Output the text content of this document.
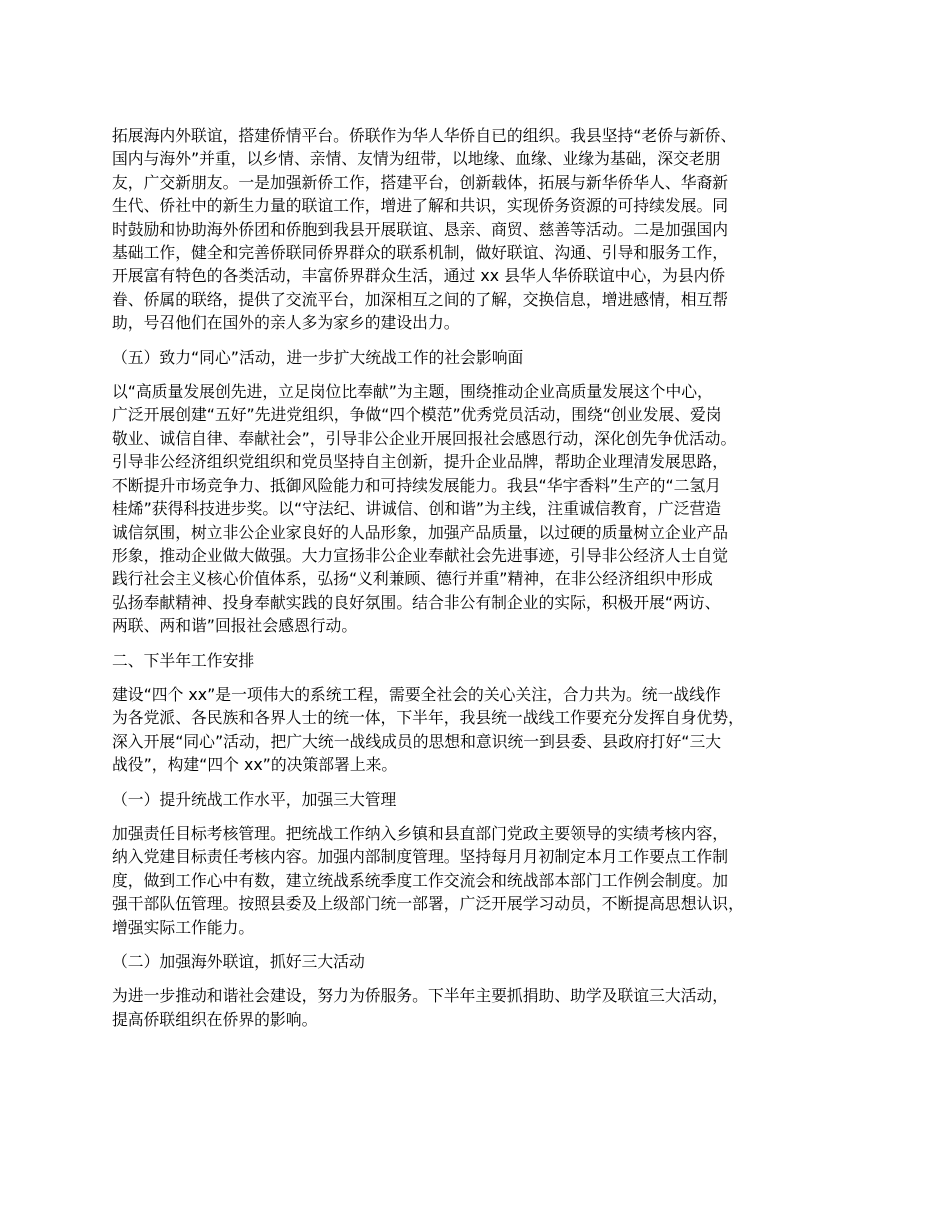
拓展海内外联谊，搭建侨情平台。侨联作为华人华侨自已的组织。我县坚持“老侨与新侨、
国内与海外”并重，以乡情、亲情、友情为纽带，以地缘、血缘、业缘为基础，深交老朋
友，广交新朋友。一是加强新侨工作，搭建平台，创新载体，拓展与新华侨华人、华裔新
生代、侨社中的新生力量的联谊工作，增进了解和共识，实现侨务资源的可持续发展。同
时鼓励和协助海外侨团和侨胞到我县开展联谊、恳亲、商贸、慈善等活动。二是加强国内
基础工作，健全和完善侨联同侨界群众的联系机制，做好联谊、沟通、引导和服务工作，
开展富有特色的各类活动，丰富侨界群众生活，通过 xx 县华人华侨联谊中心，为县内侨
眷、侨属的联络，提供了交流平台，加深相互之间的了解，交换信息，增进感情，相互帮
助，号召他们在国外的亲人多为家乡的建设出力。

（五）致力“同心”活动，进一步扩大统战工作的社会影响面

以“高质量发展创先进，立足岗位比奉献”为主题，围绕推动企业高质量发展这个中心，
广泛开展创建“五好”先进党组织，争做“四个模范”优秀党员活动，围绕“创业发展、爱岗
敬业、诚信自律、奉献社会”，引导非公企业开展回报社会感恩行动，深化创先争优活动。
引导非公经济组织党组织和党员坚持自主创新，提升企业品牌，帮助企业理清发展思路，
不断提升市场竞争力、抵御风险能力和可持续发展能力。我县“华宇香料”生产的“二氢月
桂烯”获得科技进步奖。以“守法纪、讲诚信、创和谐”为主线，注重诚信教育，广泛营造
诚信氛围，树立非公企业家良好的人品形象，加强产品质量，以过硬的质量树立企业产品
形象，推动企业做大做强。大力宣扬非公企业奉献社会先进事迹，引导非公经济人士自觉
践行社会主义核心价值体系，弘扬“义利兼顾、德行并重”精神，在非公经济组织中形成
弘扬奉献精神、投身奉献实践的良好氛围。结合非公有制企业的实际，积极开展“两访、
两联、两和谐”回报社会感恩行动。

二、下半年工作安排

建设“四个 xx”是一项伟大的系统工程，需要全社会的关心关注，合力共为。统一战线作
为各党派、各民族和各界人士的统一体，下半年，我县统一战线工作要充分发挥自身优势，
深入开展“同心”活动，把广大统一战线成员的思想和意识统一到县委、县政府打好“三大
战役”，构建“四个 xx”的决策部署上来。

（一）提升统战工作水平，加强三大管理

加强责任目标考核管理。把统战工作纳入乡镇和县直部门党政主要领导的实绩考核内容，
纳入党建目标责任考核内容。加强内部制度管理。坚持每月月初制定本月工作要点工作制
度，做到工作心中有数，建立统战系统季度工作交流会和统战部本部门工作例会制度。加
强干部队伍管理。按照县委及上级部门统一部署，广泛开展学习动员，不断提高思想认识，
增强实际工作能力。

（二）加强海外联谊，抓好三大活动

为进一步推动和谐社会建设，努力为侨服务。下半年主要抓捐助、助学及联谊三大活动，
提高侨联组织在侨界的影响。
